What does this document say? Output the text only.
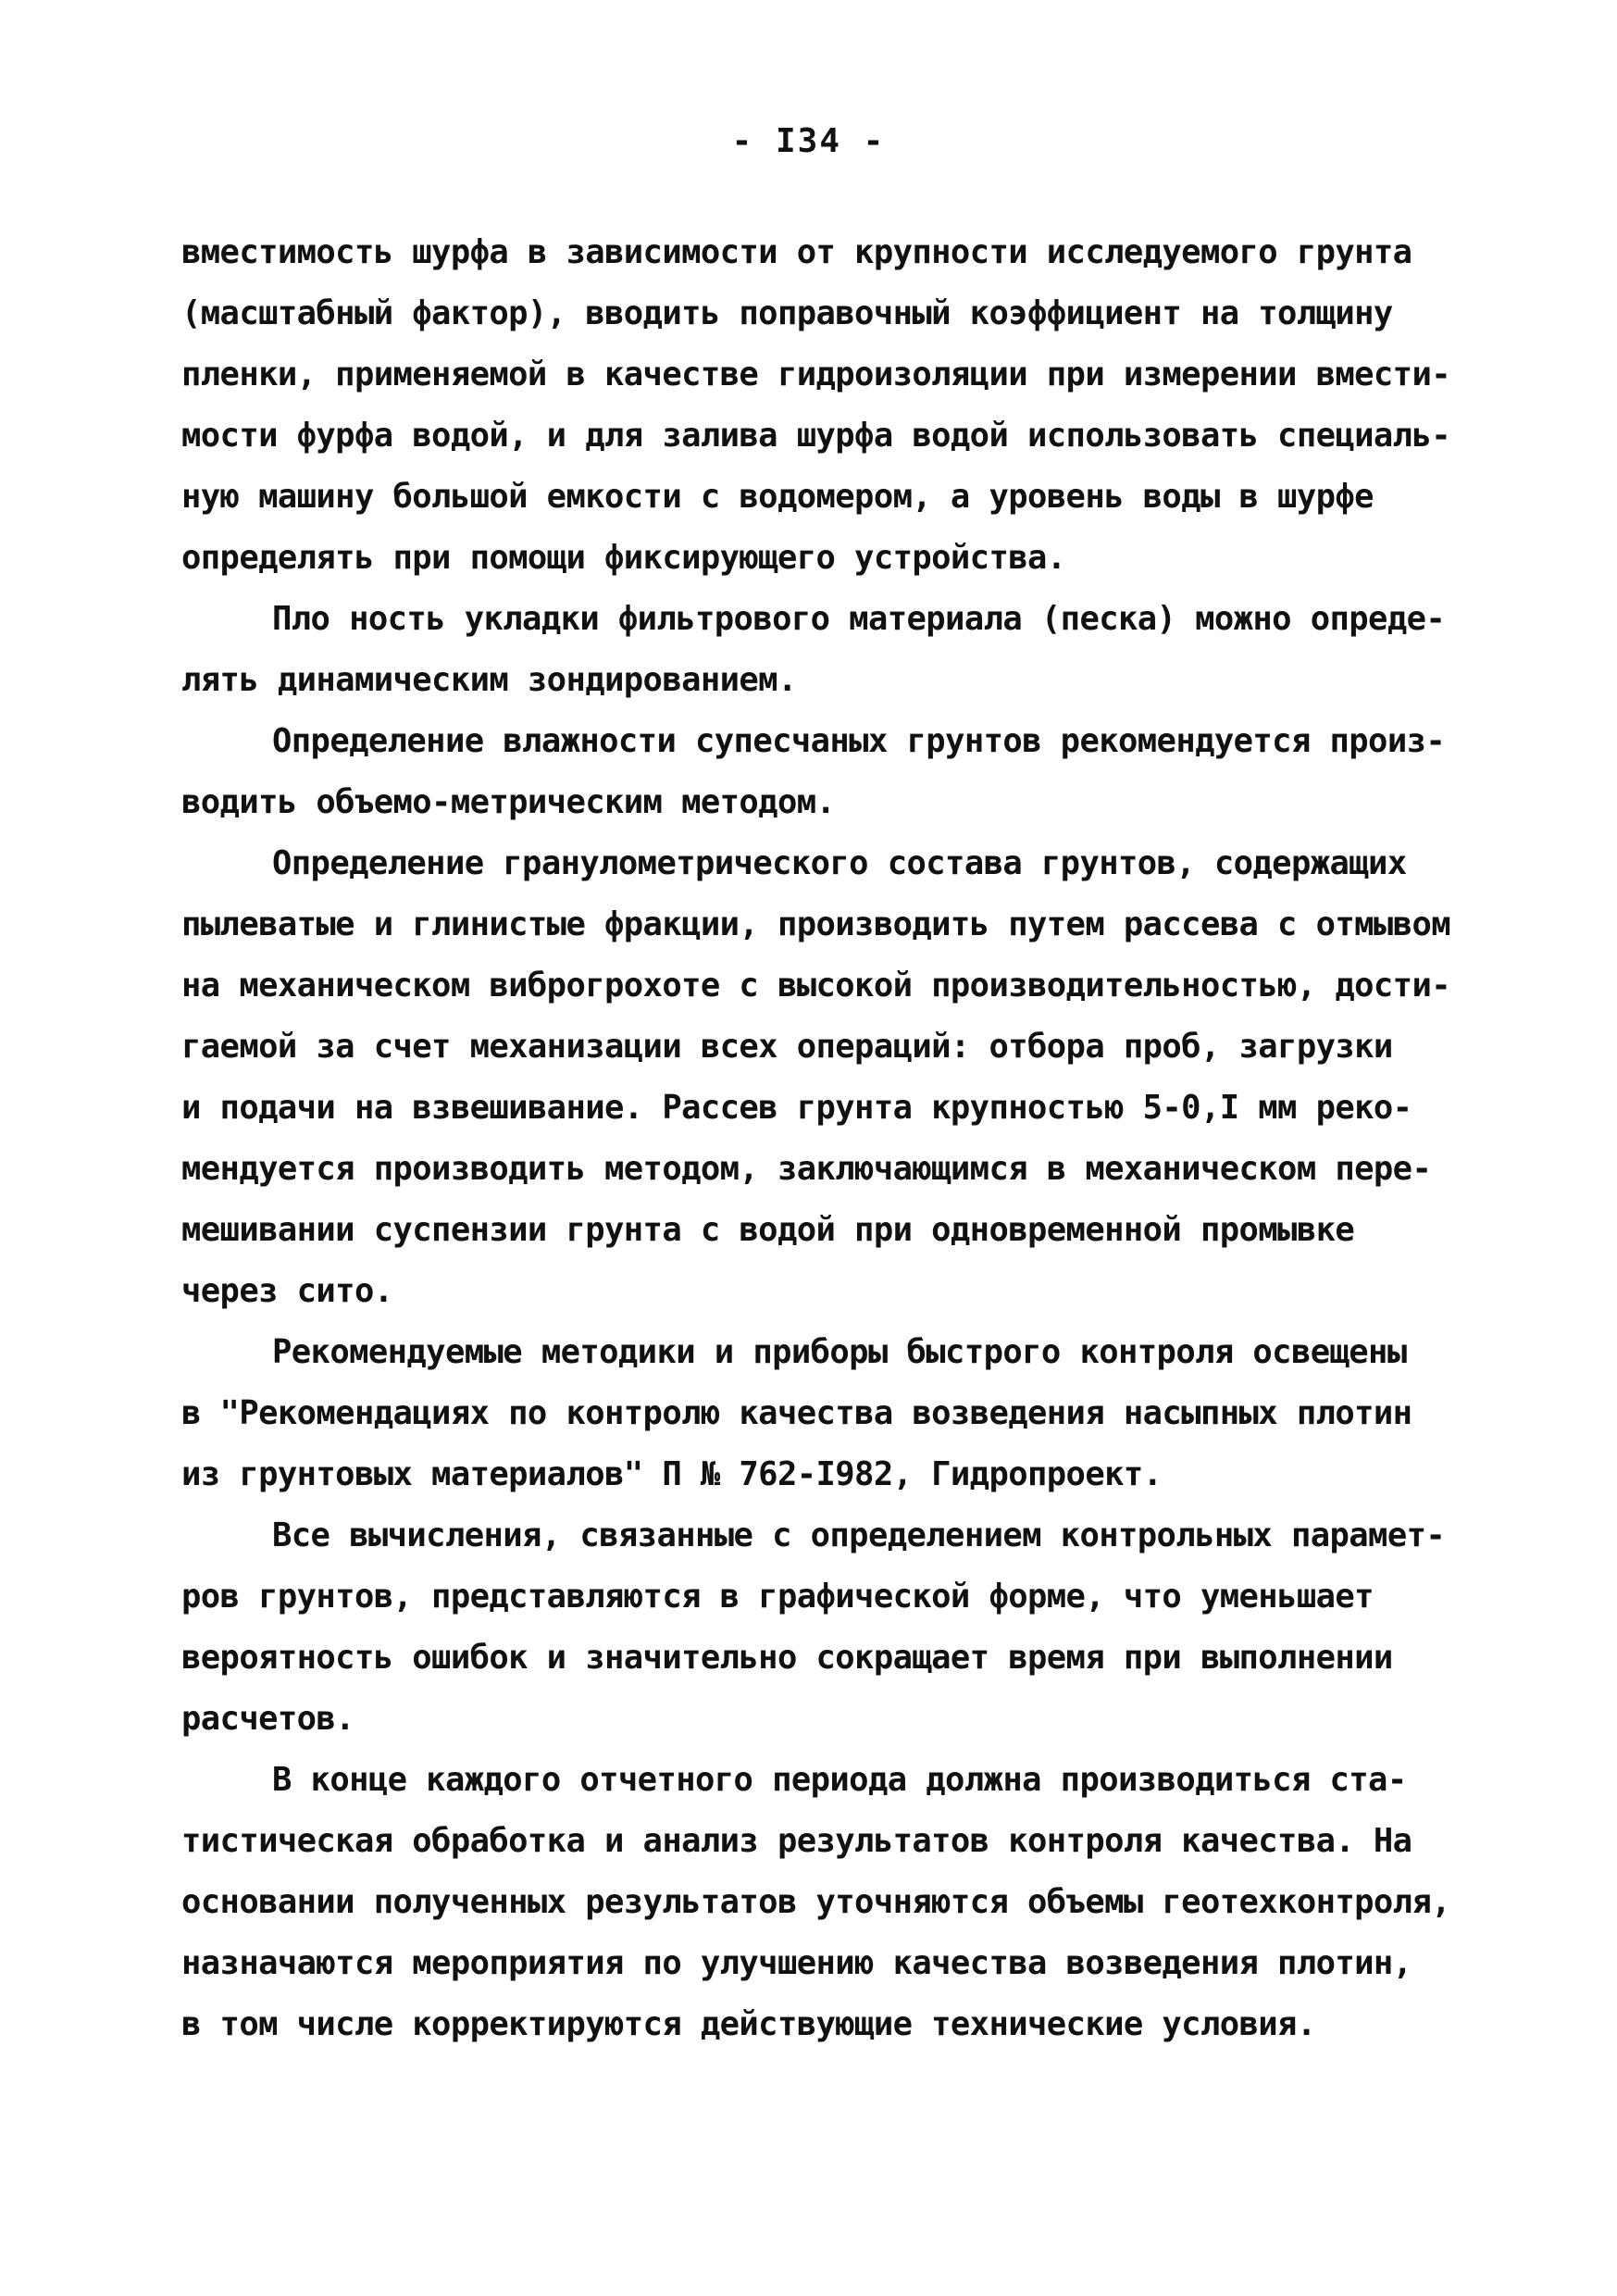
- I34 -
вместимость шурфа в зависимости от крупности исследуемого грунта
(масштабный фактор), вводить поправочный коэффициент на толщину
пленки, применяемой в качестве гидроизоляции при измерении вмести-
мости фурфа водой, и для залива шурфа водой использовать специаль-
ную машину большой емкости с водомером, а уровень воды в шурфе
определять при помощи фиксирующего устройства.
Пло ность укладки фильтрового материала (песка) можно опреде-
лять динамическим зондированием.
Определение влажности супесчаных грунтов рекомендуется произ-
водить объемо-метрическим методом.
Определение гранулометрического состава грунтов, содержащих
пылеватые и глинистые фракции, производить путем рассева с отмывом
на механическом виброгрохоте с высокой производительностью, дости-
гаемой за счет механизации всех операций: отбора проб, загрузки
и подачи на взвешивание. Рассев грунта крупностью 5-0,I мм реко-
мендуется производить методом, заключающимся в механическом пере-
мешивании суспензии грунта с водой при одновременной промывке
через сито.
Рекомендуемые методики и приборы быстрого контроля освещены
в "Рекомендациях по контролю качества возведения насыпных плотин
из грунтовых материалов" П № 762-I982, Гидропроект.
Все вычисления, связанные с определением контрольных парамет-
ров грунтов, представляются в графической форме, что уменьшает
вероятность ошибок и значительно сокращает время при выполнении
расчетов.
В конце каждого отчетного периода должна производиться ста-
тистическая обработка и анализ результатов контроля качества. На
основании полученных результатов уточняются объемы геотехконтроля,
назначаются мероприятия по улучшению качества возведения плотин,
в том числе корректируются действующие технические условия.
